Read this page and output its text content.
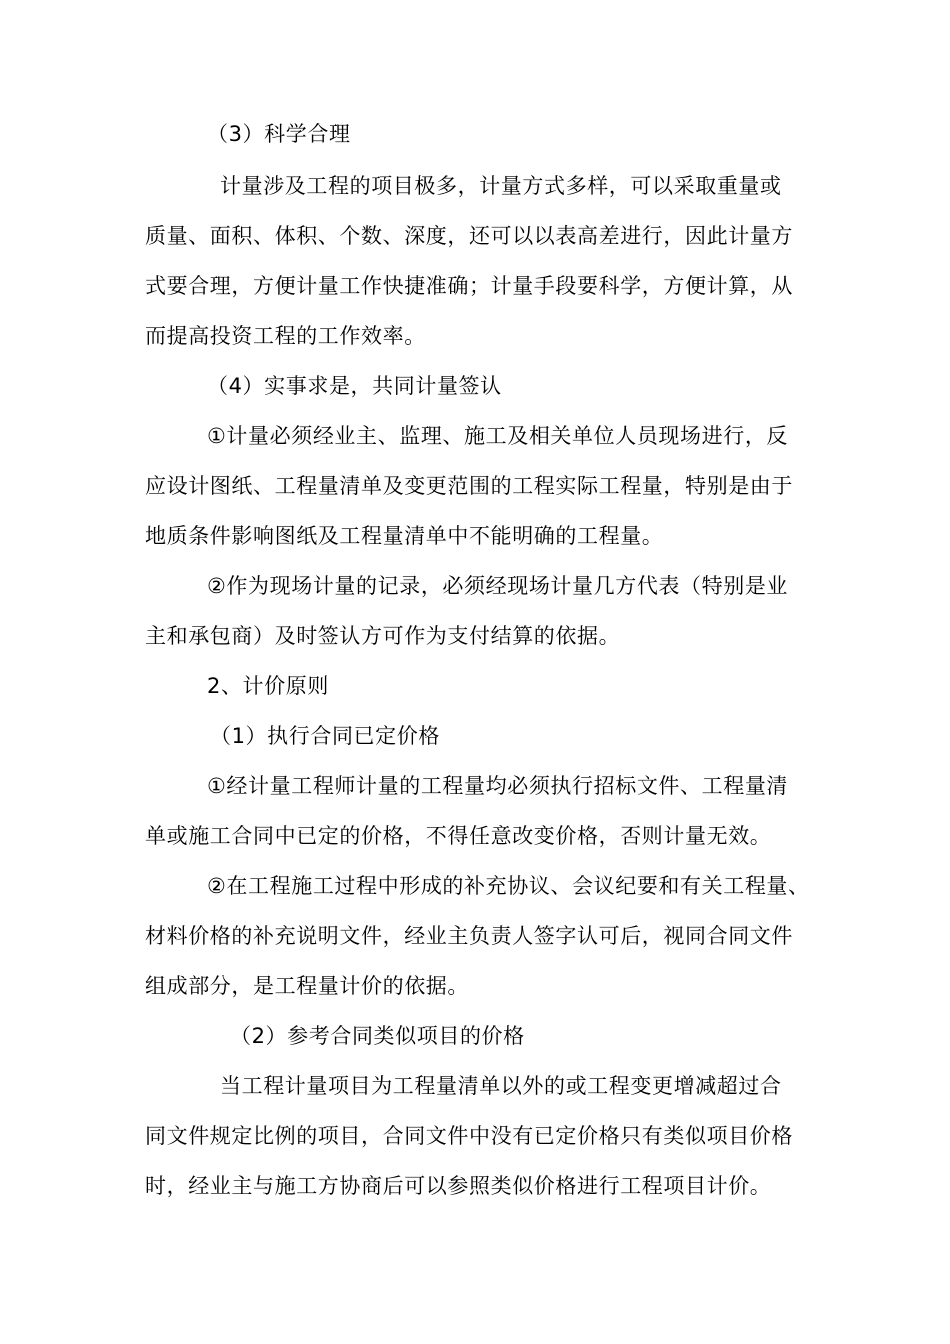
（3）科学合理
计量涉及工程的项目极多，计量方式多样，可以采取重量或
质量、面积、体积、个数、深度，还可以以表高差进行，因此计量方
式要合理，方便计量工作快捷准确；计量手段要科学，方便计算，从
而提高投资工程的工作效率。
（4）实事求是，共同计量签认
①计量必须经业主、监理、施工及相关单位人员现场进行，反
应设计图纸、工程量清单及变更范围的工程实际工程量，特别是由于
地质条件影响图纸及工程量清单中不能明确的工程量。
②作为现场计量的记录，必须经现场计量几方代表（特别是业
主和承包商）及时签认方可作为支付结算的依据。
2、计价原则
（1）执行合同已定价格
①经计量工程师计量的工程量均必须执行招标文件、工程量清
单或施工合同中已定的价格，不得任意改变价格，否则计量无效。
②在工程施工过程中形成的补充协议、会议纪要和有关工程量、
材料价格的补充说明文件，经业主负责人签字认可后，视同合同文件
组成部分，是工程量计价的依据。
（2）参考合同类似项目的价格
当工程计量项目为工程量清单以外的或工程变更增减超过合
同文件规定比例的项目，合同文件中没有已定价格只有类似项目价格
时，经业主与施工方协商后可以参照类似价格进行工程项目计价。
